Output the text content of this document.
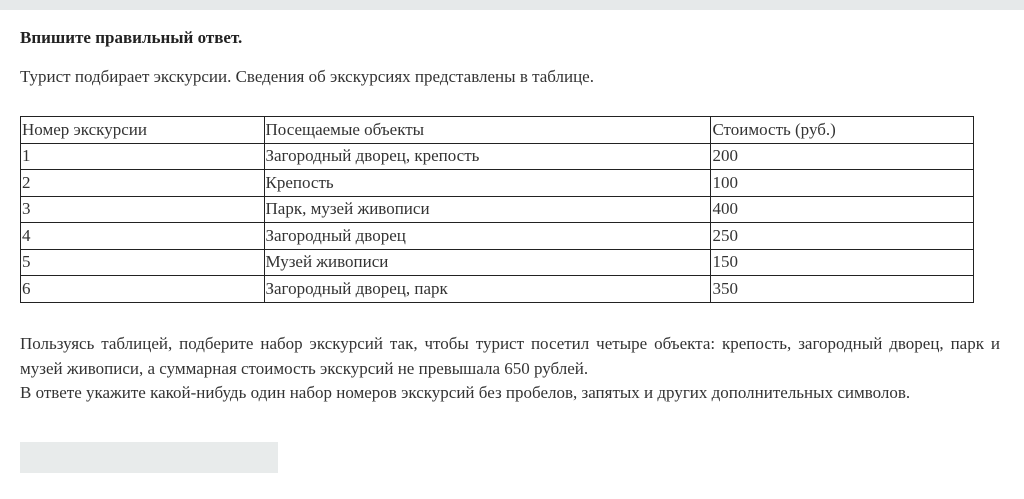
Впишите правильный ответ.
Турист подбирает экскурсии. Сведения об экскурсиях представлены в таблице.
Номер экскурсии	Посещаемые объекты	Стоимость (руб.)
1	Загородный дворец, крепость	200
2	Крепость	100
3	Парк, музей живописи	400
4	Загородный дворец	250
5	Музей живописи	150
6	Загородный дворец, парк	350

Пользуясь таблицей, подберите набор экскурсий так, чтобы турист посетил четыре объекта: крепость, загородный дворец, парк и музей живописи, а суммарная стоимость экскурсий не превышала 650 рублей.

В ответе укажите какой-нибудь один набор номеров экскурсий без пробелов, запятых и других дополнительных символов.
